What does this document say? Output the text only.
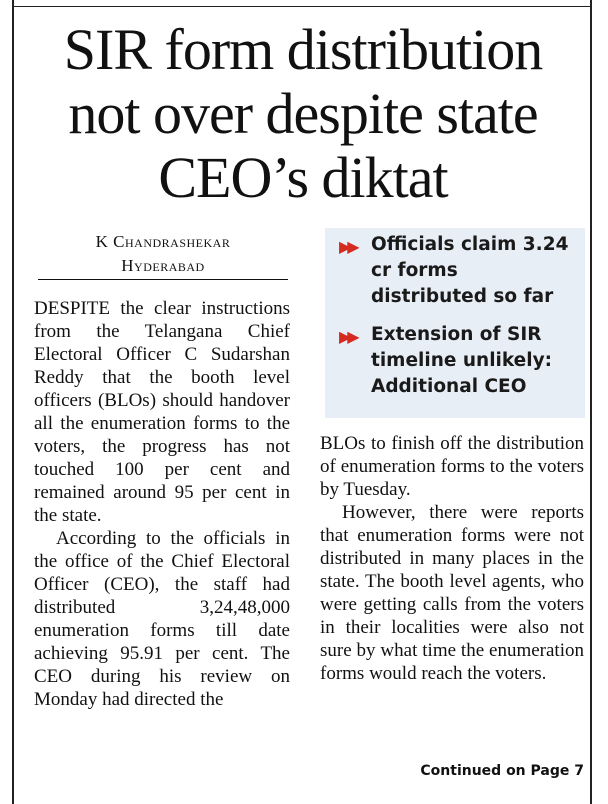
SIR form distribution not over despite state CEO’s diktat
K Chandrashekar
Hyderabad
▶▶ Officials claim 3.24 cr forms distributed so far
▶▶ Extension of SIR timeline unlikely: Additional CEO

DESPITE the clear instructions from the Telangana Chief Electoral Officer C Sudarshan Reddy that the booth level officers (BLOs) should handover all the enumeration forms to the voters, the progress has not touched 100 per cent and remained around 95 per cent in the state.

According to the officials in the office of the Chief Electoral Officer (CEO), the staff had distributed 3,24,48,000 enumeration forms till date achieving 95.91 per cent. The CEO during his review on Monday had directed the

BLOs to finish off the distribution of enumeration forms to the voters by Tuesday.

However, there were reports that enumeration forms were not distributed in many places in the state. The booth level agents, who were getting calls from the voters in their localities were also not sure by what time the enumeration forms would reach the voters.

Continued on Page 7
